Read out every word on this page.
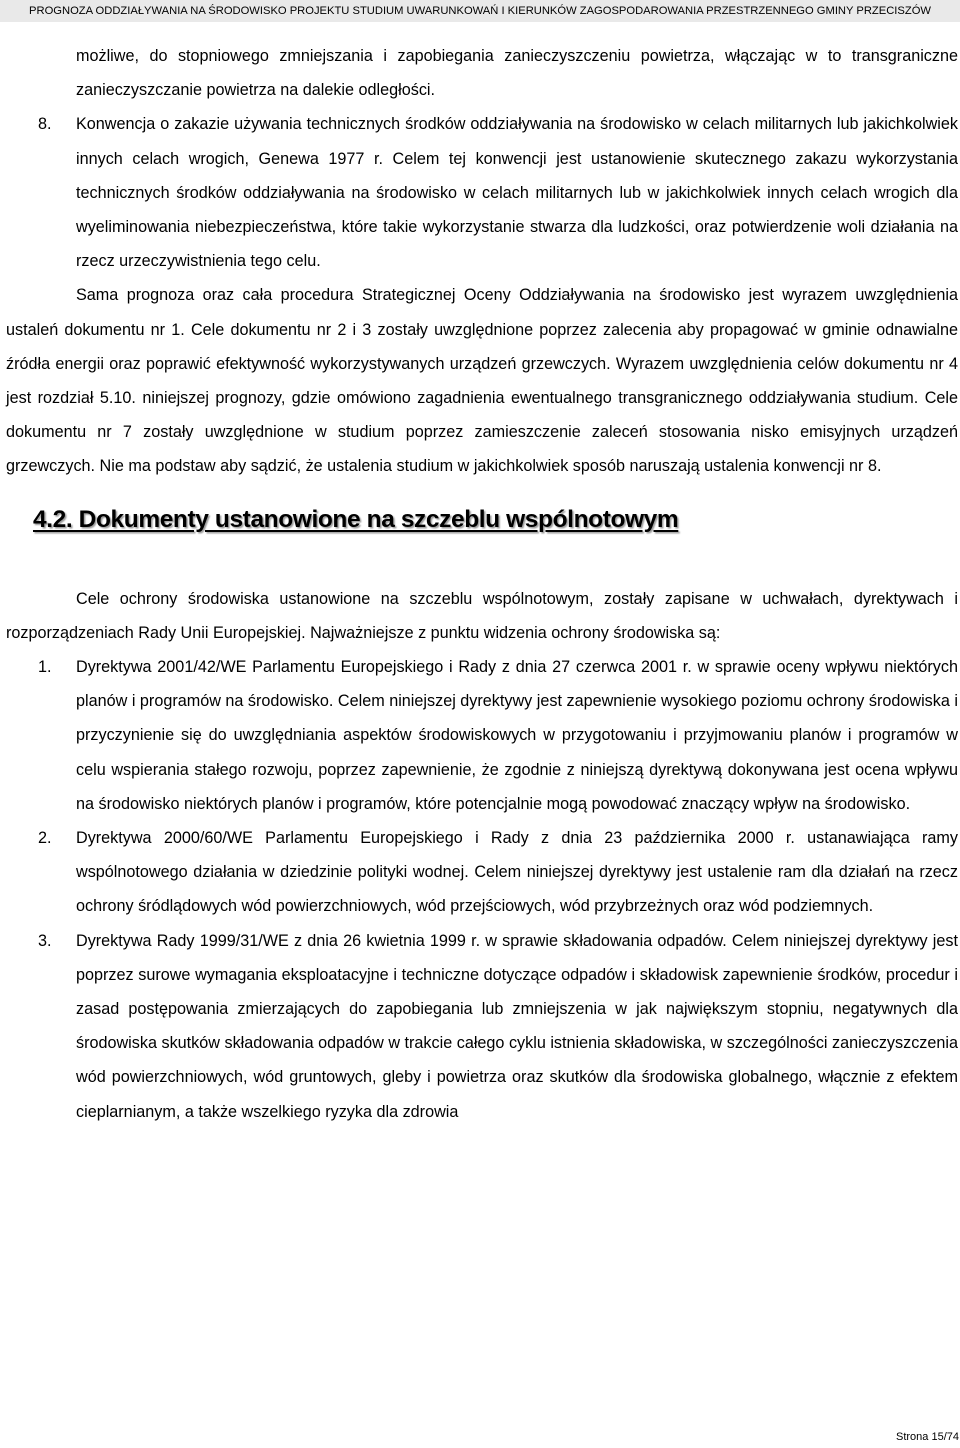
PROGNOZA ODDZIAŁYWANIA NA ŚRODOWISKO PROJEKTU STUDIUM UWARUNKOWAŃ I KIERUNKÓW ZAGOSPODAROWANIA PRZESTRZENNEGO GMINY PRZECISZÓW

możliwe, do stopniowego zmniejszania i zapobiegania zanieczyszczeniu powietrza, włączając w to transgraniczne zanieczyszczanie powietrza na dalekie odległości.

8.	Konwencja o zakazie używania technicznych środków oddziaływania na środowisko w celach militarnych lub jakichkolwiek innych celach wrogich, Genewa 1977 r. Celem tej konwencji jest ustanowienie skutecznego zakazu wykorzystania technicznych środków oddziaływania na środowisko w celach militarnych lub w jakichkolwiek innych celach wrogich dla wyeliminowania niebezpieczeństwa, które takie wykorzystanie stwarza dla ludzkości, oraz potwierdzenie woli działania na rzecz urzeczywistnienia tego celu.

Sama prognoza oraz cała procedura Strategicznej Oceny Oddziaływania na środowisko jest wyrazem uwzględnienia ustaleń dokumentu nr 1. Cele dokumentu nr 2 i 3 zostały uwzględnione poprzez zalecenia aby propagować w gminie odnawialne źródła energii oraz poprawić efektywność wykorzystywanych urządzeń grzewczych. Wyrazem uwzględnienia celów dokumentu nr 4 jest rozdział 5.10. niniejszej prognozy, gdzie omówiono zagadnienia ewentualnego transgranicznego oddziaływania studium. Cele dokumentu nr 7 zostały uwzględnione w studium poprzez zamieszczenie zaleceń stosowania nisko emisyjnych urządzeń grzewczych. Nie ma podstaw aby sądzić, że ustalenia studium w jakichkolwiek sposób naruszają ustalenia konwencji nr 8.

4.2. Dokumenty ustanowione na szczeblu wspólnotowym

Cele ochrony środowiska ustanowione na szczeblu wspólnotowym, zostały zapisane w uchwałach, dyrektywach i rozporządzeniach Rady Unii Europejskiej. Najważniejsze z punktu widzenia ochrony środowiska są:

1.	Dyrektywa 2001/42/WE Parlamentu Europejskiego i Rady z dnia 27 czerwca 2001 r. w sprawie oceny wpływu niektórych planów i programów na środowisko. Celem niniejszej dyrektywy jest zapewnienie wysokiego poziomu ochrony środowiska i przyczynienie się do uwzględniania aspektów środowiskowych w przygotowaniu i przyjmowaniu planów i programów w celu wspierania stałego rozwoju, poprzez zapewnienie, że zgodnie z niniejszą dyrektywą dokonywana jest ocena wpływu na środowisko niektórych planów i programów, które potencjalnie mogą powodować znaczący wpływ na środowisko.
2.	Dyrektywa 2000/60/WE Parlamentu Europejskiego i Rady z dnia 23 października 2000 r. ustanawiająca ramy wspólnotowego działania w dziedzinie polityki wodnej. Celem niniejszej dyrektywy jest ustalenie ram dla działań na rzecz ochrony śródlądowych wód powierzchniowych, wód przejściowych, wód przybrzeżnych oraz wód podziemnych.
3.	Dyrektywa Rady 1999/31/WE z dnia 26 kwietnia 1999 r. w sprawie składowania odpadów. Celem niniejszej dyrektywy jest poprzez surowe wymagania eksploatacyjne i techniczne dotyczące odpadów i składowisk zapewnienie środków, procedur i zasad postępowania zmierzających do zapobiegania lub zmniejszenia w jak największym stopniu, negatywnych dla środowiska skutków składowania odpadów w trakcie całego cyklu istnienia składowiska, w szczególności zanieczyszczenia wód powierzchniowych, wód gruntowych, gleby i powietrza oraz skutków dla środowiska globalnego, włącznie z efektem cieplarnianym, a także wszelkiego ryzyka dla zdrowia
Strona 15/74
